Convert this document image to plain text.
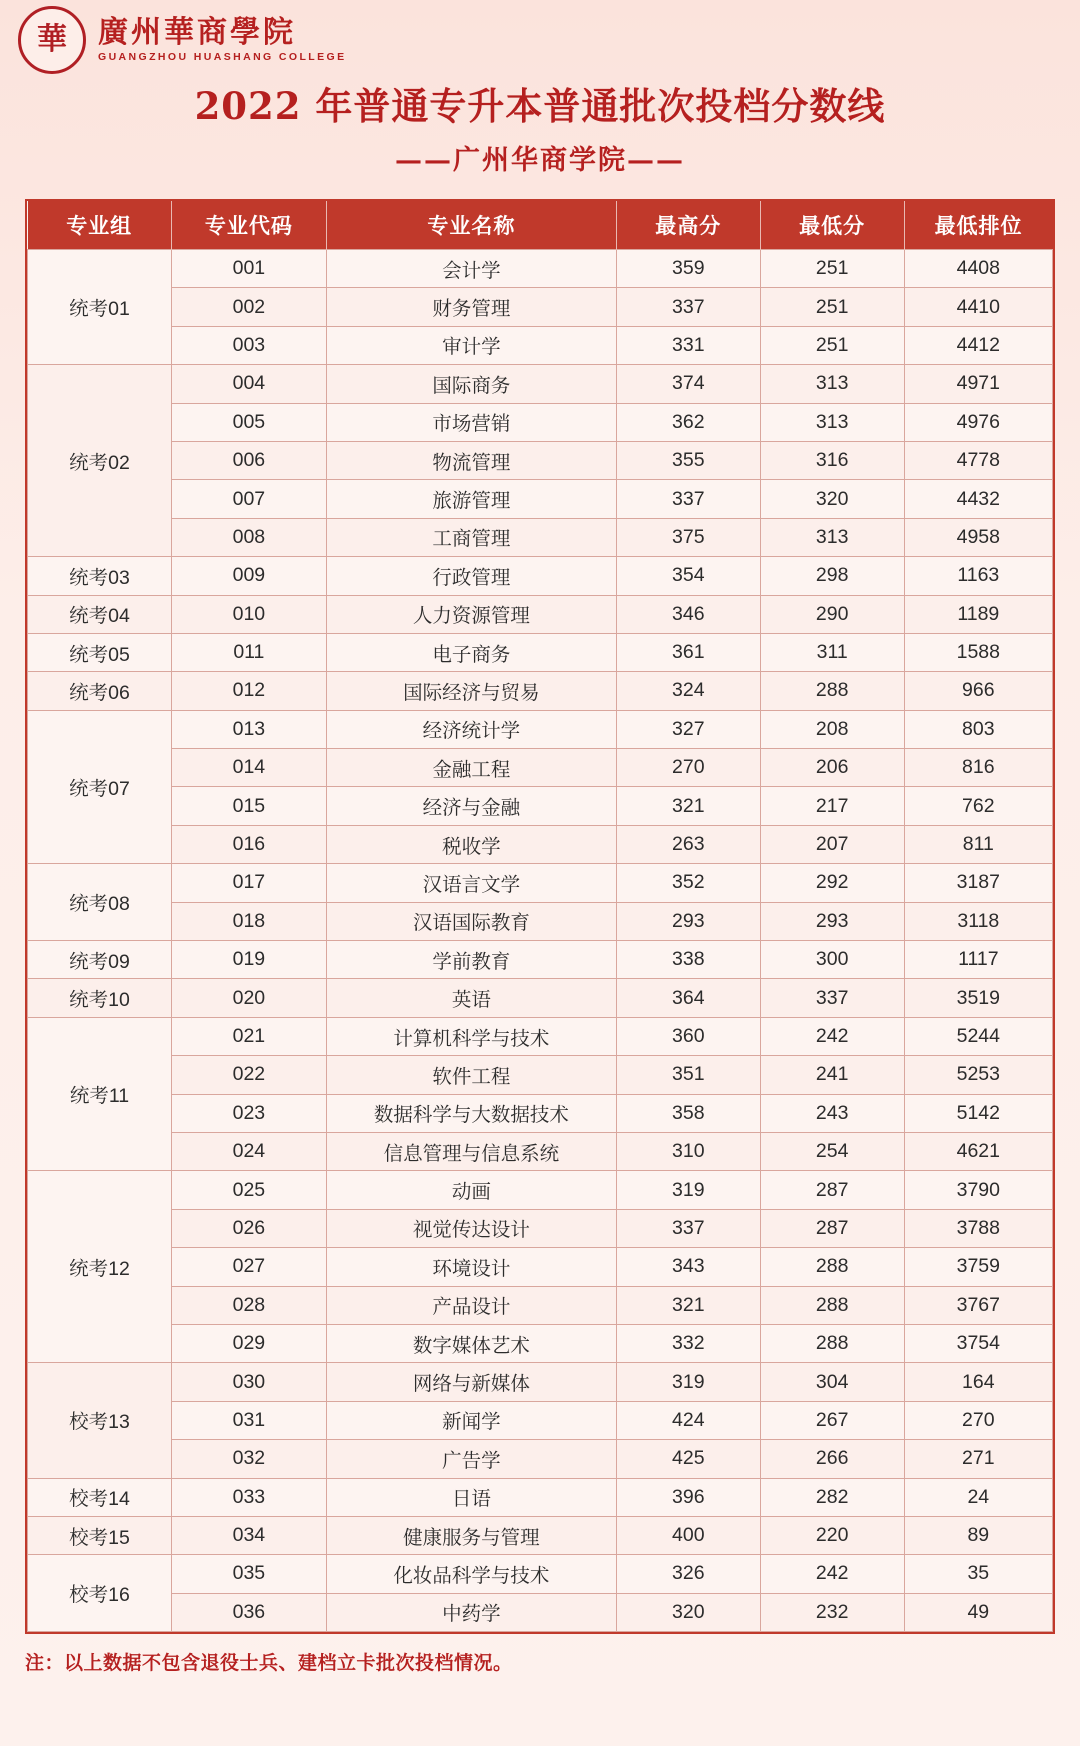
華 廣州華商學院
GUANGZHOU HUASHANG COLLEGE
2022 年普通专升本普通批次投档分数线
——广州华商学院——
专业组	专业代码	专业名称	最高分	最低分	最低排位
统考01	001	会计学	359	251	4408
	002	财务管理	337	251	4410
	003	审计学	331	251	4412
统考02	004	国际商务	374	313	4971
	005	市场营销	362	313	4976
	006	物流管理	355	316	4778
	007	旅游管理	337	320	4432
	008	工商管理	375	313	4958
统考03	009	行政管理	354	298	1163
统考04	010	人力资源管理	346	290	1189
统考05	011	电子商务	361	311	1588
统考06	012	国际经济与贸易	324	288	966
统考07	013	经济统计学	327	208	803
	014	金融工程	270	206	816
	015	经济与金融	321	217	762
	016	税收学	263	207	811
统考08	017	汉语言文学	352	292	3187
	018	汉语国际教育	293	293	3118
统考09	019	学前教育	338	300	1117
统考10	020	英语	364	337	3519
统考11	021	计算机科学与技术	360	242	5244
	022	软件工程	351	241	5253
	023	数据科学与大数据技术	358	243	5142
	024	信息管理与信息系统	310	254	4621
统考12	025	动画	319	287	3790
	026	视觉传达设计	337	287	3788
	027	环境设计	343	288	3759
	028	产品设计	321	288	3767
	029	数字媒体艺术	332	288	3754
校考13	030	网络与新媒体	319	304	164
	031	新闻学	424	267	270
	032	广告学	425	266	271
校考14	033	日语	396	282	24
校考15	034	健康服务与管理	400	220	89
校考16	035	化妆品科学与技术	326	242	35
	036	中药学	320	232	49
注：以上数据不包含退役士兵、建档立卡批次投档情况。
